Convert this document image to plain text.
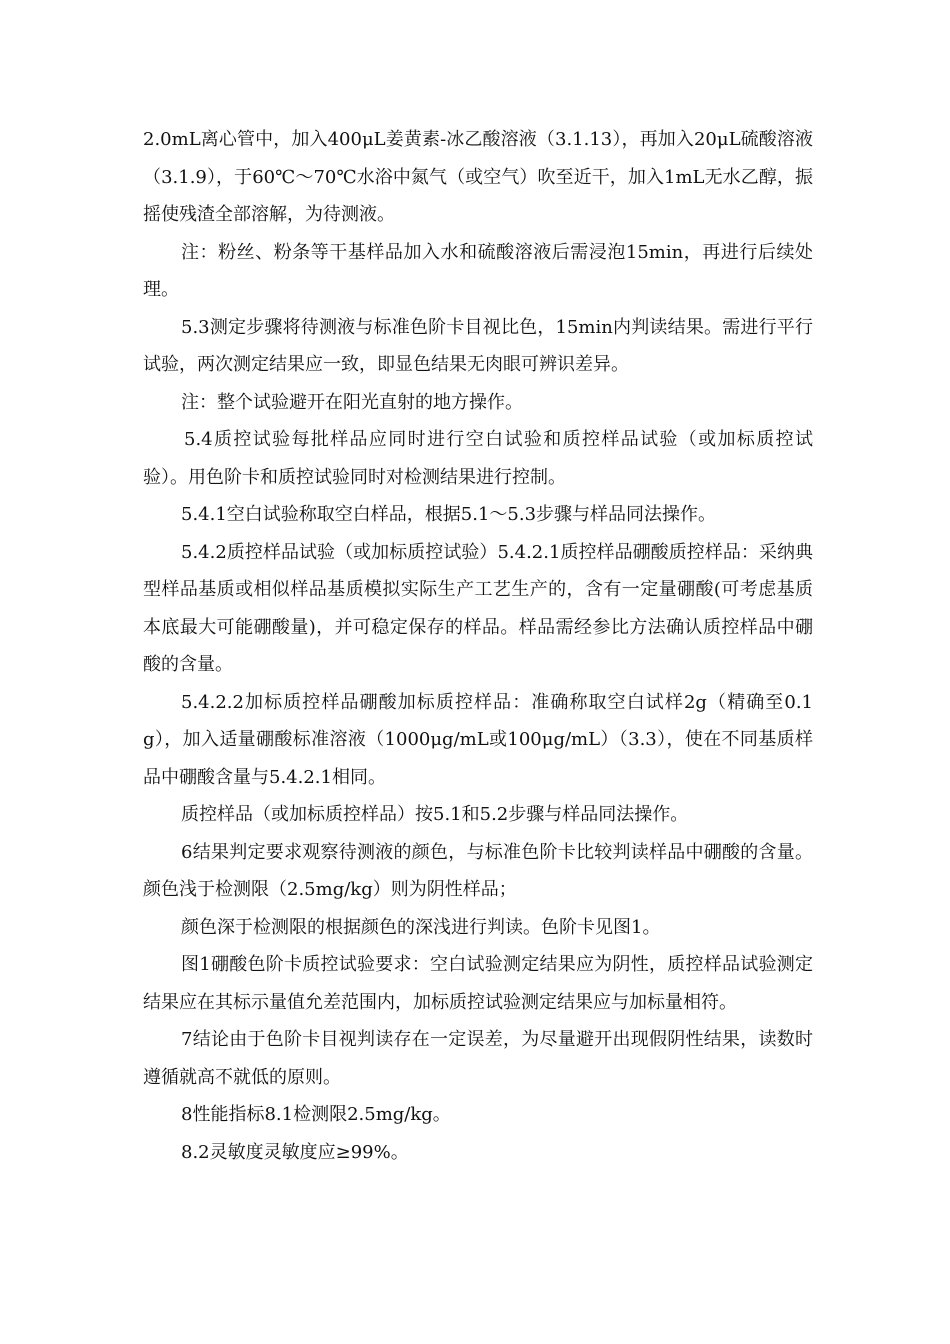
2.0mL离心管中，加入400μL姜黄素-冰乙酸溶液（3.1.13），再加入20μL硫酸溶液（3.1.9），于60℃～70℃水浴中氮气（或空气）吹至近干，加入1mL无水乙醇，振摇使残渣全部溶解，为待测液。

注：粉丝、粉条等干基样品加入水和硫酸溶液后需浸泡15min，再进行后续处理。

5.3测定步骤将待测液与标准色阶卡目视比色，15min内判读结果。需进行平行试验，两次测定结果应一致，即显色结果无肉眼可辨识差异。

注：整个试验避开在阳光直射的地方操作。

5.4质控试验每批样品应同时进行空白试验和质控样品试验（或加标质控试验）。用色阶卡和质控试验同时对检测结果进行控制。

5.4.1空白试验称取空白样品，根据5.1～5.3步骤与样品同法操作。

5.4.2质控样品试验（或加标质控试验）5.4.2.1质控样品硼酸质控样品：采纳典型样品基质或相似样品基质模拟实际生产工艺生产的，含有一定量硼酸(可考虑基质本底最大可能硼酸量)，并可稳定保存的样品。样品需经参比方法确认质控样品中硼酸的含量。

5.4.2.2加标质控样品硼酸加标质控样品：准确称取空白试样2g（精确至0.1g），加入适量硼酸标准溶液（1000μg/mL或100μg/mL）（3.3），使在不同基质样品中硼酸含量与5.4.2.1相同。

质控样品（或加标质控样品）按5.1和5.2步骤与样品同法操作。

6结果判定要求观察待测液的颜色，与标准色阶卡比较判读样品中硼酸的含量。颜色浅于检测限（2.5mg/kg）则为阴性样品；

颜色深于检测限的根据颜色的深浅进行判读。色阶卡见图1。

图1硼酸色阶卡质控试验要求：空白试验测定结果应为阴性，质控样品试验测定结果应在其标示量值允差范围内，加标质控试验测定结果应与加标量相符。

7结论由于色阶卡目视判读存在一定误差，为尽量避开出现假阴性结果，读数时遵循就高不就低的原则。

8性能指标8.1检测限2.5mg/kg。

8.2灵敏度灵敏度应≥99%。
